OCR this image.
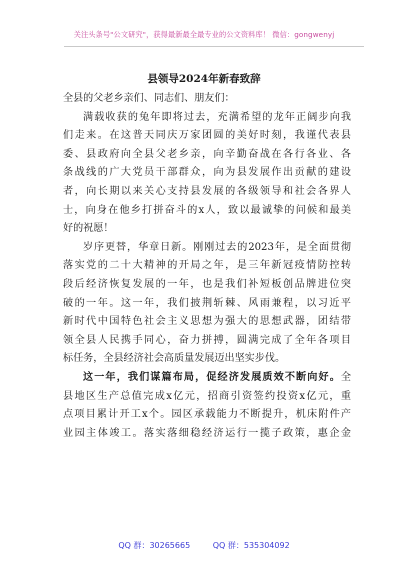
关注头条号"公文研究"，获得最新最全最专业的公文资料库！ 微信：gongwenyj
县领导2024年新春致辞
全县的父老乡亲们、同志们、朋友们：
满载收获的兔年即将过去，充满希望的龙年正阔步向我
们走来。在这普天同庆万家团圆的美好时刻，我谨代表县
委、县政府向全县父老乡亲，向辛勤奋战在各行各业、各
条战线的广大党员干部群众，向为县发展作出贡献的建设
者，向长期以来关心支持县发展的各级领导和社会各界人
士，向身在他乡打拼奋斗的x人，致以最诚挚的问候和最美
好的祝愿！
岁序更替，华章日新。刚刚过去的2023年，是全面贯彻
落实党的二十大精神的开局之年，是三年新冠疫情防控转
段后经济恢复发展的一年，也是我们补短板创品牌进位突
破的一年。这一年，我们披荆斩棘、风雨兼程，以习近平
新时代中国特色社会主义思想为强大的思想武器，团结带
领全县人民携手同心，奋力拼搏，圆满完成了全年各项目
标任务，全县经济社会高质量发展迈出坚实步伐。
这一年，我们谋篇布局，促经济发展质效不断向好。全
县地区生产总值完成x亿元，招商引资签约投资x亿元，重
点项目累计开工x个。园区承载能力不断提升，机床附件产
业园主体竣工。落实落细稳经济运行一揽子政策，惠企金
QQ 群：30265665	QQ 群：535304092
